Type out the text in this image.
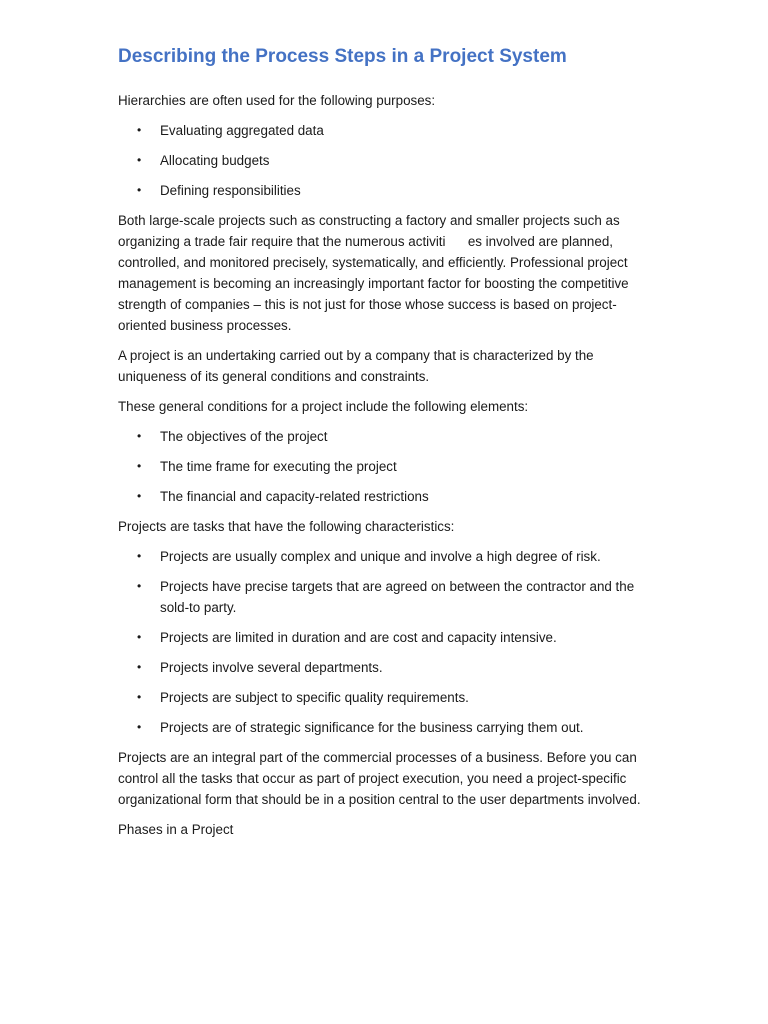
Describing the Process Steps in a Project System

Hierarchies are often used for the following purposes:

• Evaluating aggregated data
• Allocating budgets
• Defining responsibilities

Both large-scale projects such as constructing a factory and smaller projects such as organizing a trade fair require that the numerous activiti      es involved are planned, controlled, and monitored precisely, systematically, and efficiently. Professional project management is becoming an increasingly important factor for boosting the competitive strength of companies – this is not just for those whose success is based on project-oriented business processes.

A project is an undertaking carried out by a company that is characterized by the uniqueness of its general conditions and constraints.

These general conditions for a project include the following elements:

• The objectives of the project
• The time frame for executing the project
• The financial and capacity-related restrictions

Projects are tasks that have the following characteristics:

• Projects are usually complex and unique and involve a high degree of risk.
• Projects have precise targets that are agreed on between the contractor and the sold-to party.
• Projects are limited in duration and are cost and capacity intensive.
• Projects involve several departments.
• Projects are subject to specific quality requirements.
• Projects are of strategic significance for the business carrying them out.

Projects are an integral part of the commercial processes of a business. Before you can control all the tasks that occur as part of project execution, you need a project-specific organizational form that should be in a position central to the user departments involved.

Phases in a Project
